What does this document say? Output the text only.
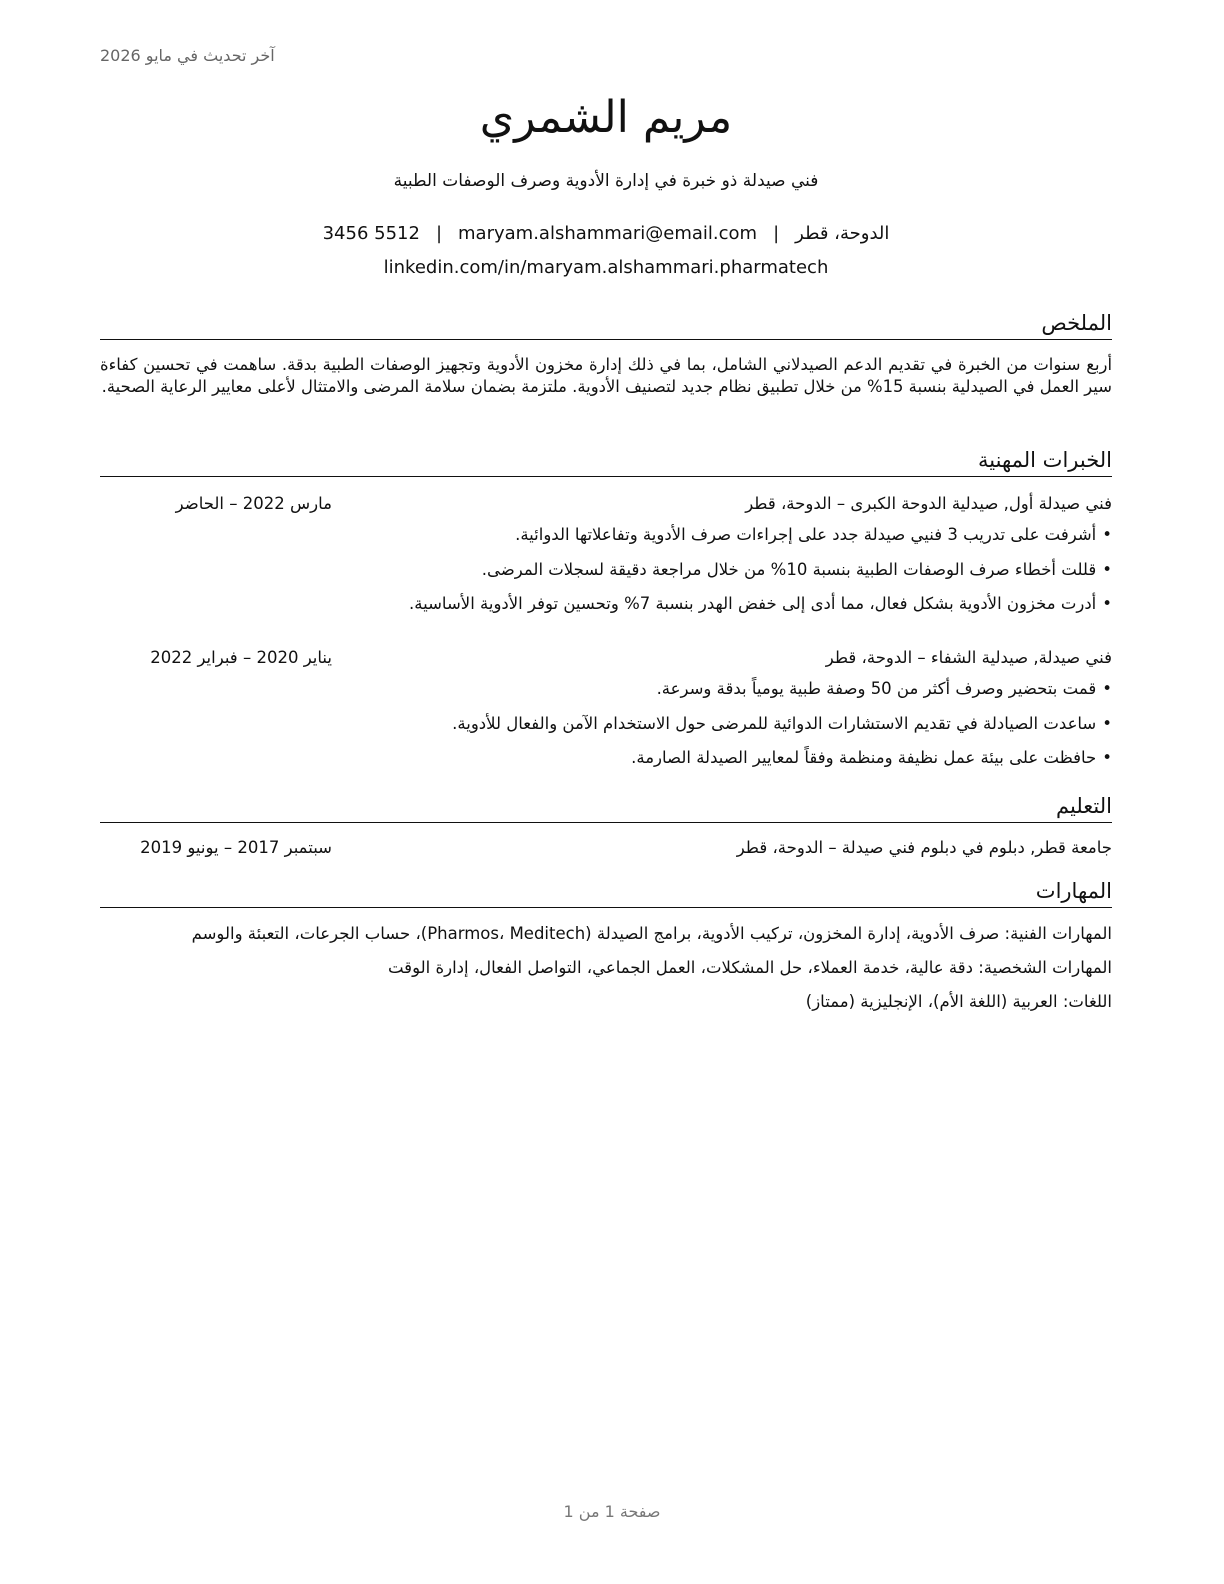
آخر تحديث في مايو 2026
مريم الشمري
فني صيدلة ذو خبرة في إدارة الأدوية وصرف الوصفات الطبية
الدوحة، قطر|maryam.alshammari@email.com|3456 5512
linkedin.com/in/maryam.alshammari.pharmatech
الملخص
أربع سنوات من الخبرة في تقديم الدعم الصيدلاني الشامل، بما في ذلك إدارة مخزون الأدوية وتجهيز الوصفات الطبية بدقة. ساهمت في تحسين كفاءة سير العمل في الصيدلية بنسبة 15% من خلال تطبيق نظام جديد لتصنيف الأدوية. ملتزمة بضمان سلامة المرضى والامتثال لأعلى معايير الرعاية الصحية.
الخبرات المهنية
فني صيدلة أول, صيدلية الدوحة الكبرى – الدوحة، قطر
مارس 2022 – الحاضر
•أشرفت على تدريب 3 فنيي صيدلة جدد على إجراءات صرف الأدوية وتفاعلاتها الدوائية.
•قللت أخطاء صرف الوصفات الطبية بنسبة 10% من خلال مراجعة دقيقة لسجلات المرضى.
•أدرت مخزون الأدوية بشكل فعال، مما أدى إلى خفض الهدر بنسبة 7% وتحسين توفر الأدوية الأساسية.
فني صيدلة, صيدلية الشفاء – الدوحة، قطر
يناير 2020 – فبراير 2022
•قمت بتحضير وصرف أكثر من 50 وصفة طبية يومياً بدقة وسرعة.
•ساعدت الصيادلة في تقديم الاستشارات الدوائية للمرضى حول الاستخدام الآمن والفعال للأدوية.
•حافظت على بيئة عمل نظيفة ومنظمة وفقاً لمعايير الصيدلة الصارمة.
التعليم
جامعة قطر, دبلوم في دبلوم فني صيدلة – الدوحة، قطر
سبتمبر 2017 – يونيو 2019
المهارات
المهارات الفنية: صرف الأدوية، إدارة المخزون، تركيب الأدوية، برامج الصيدلة (Pharmos، Meditech)، حساب الجرعات، التعبئة والوسم
المهارات الشخصية: دقة عالية، خدمة العملاء، حل المشكلات، العمل الجماعي، التواصل الفعال، إدارة الوقت
اللغات: العربية (اللغة الأم)، الإنجليزية (ممتاز)
صفحة 1 من 1
